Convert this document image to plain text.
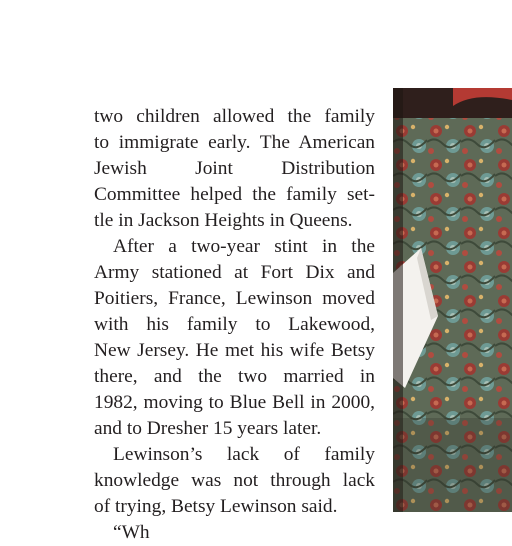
two children allowed the family
to immigrate early. The American
Jewish Joint Distribution
Committee helped the family set-
tle in Jackson Heights in Queens.

After a two-year stint in the
Army stationed at Fort Dix and
Poitiers, France, Lewinson moved
with his family to Lakewood,
New Jersey. He met his wife Betsy
there, and the two married in
1982, moving to Blue Bell in 2000,
and to Dresher 15 years later.

Lewinson’s lack of family
knowledge was not through lack
of trying, Betsy Lewinson said.

“Wh
